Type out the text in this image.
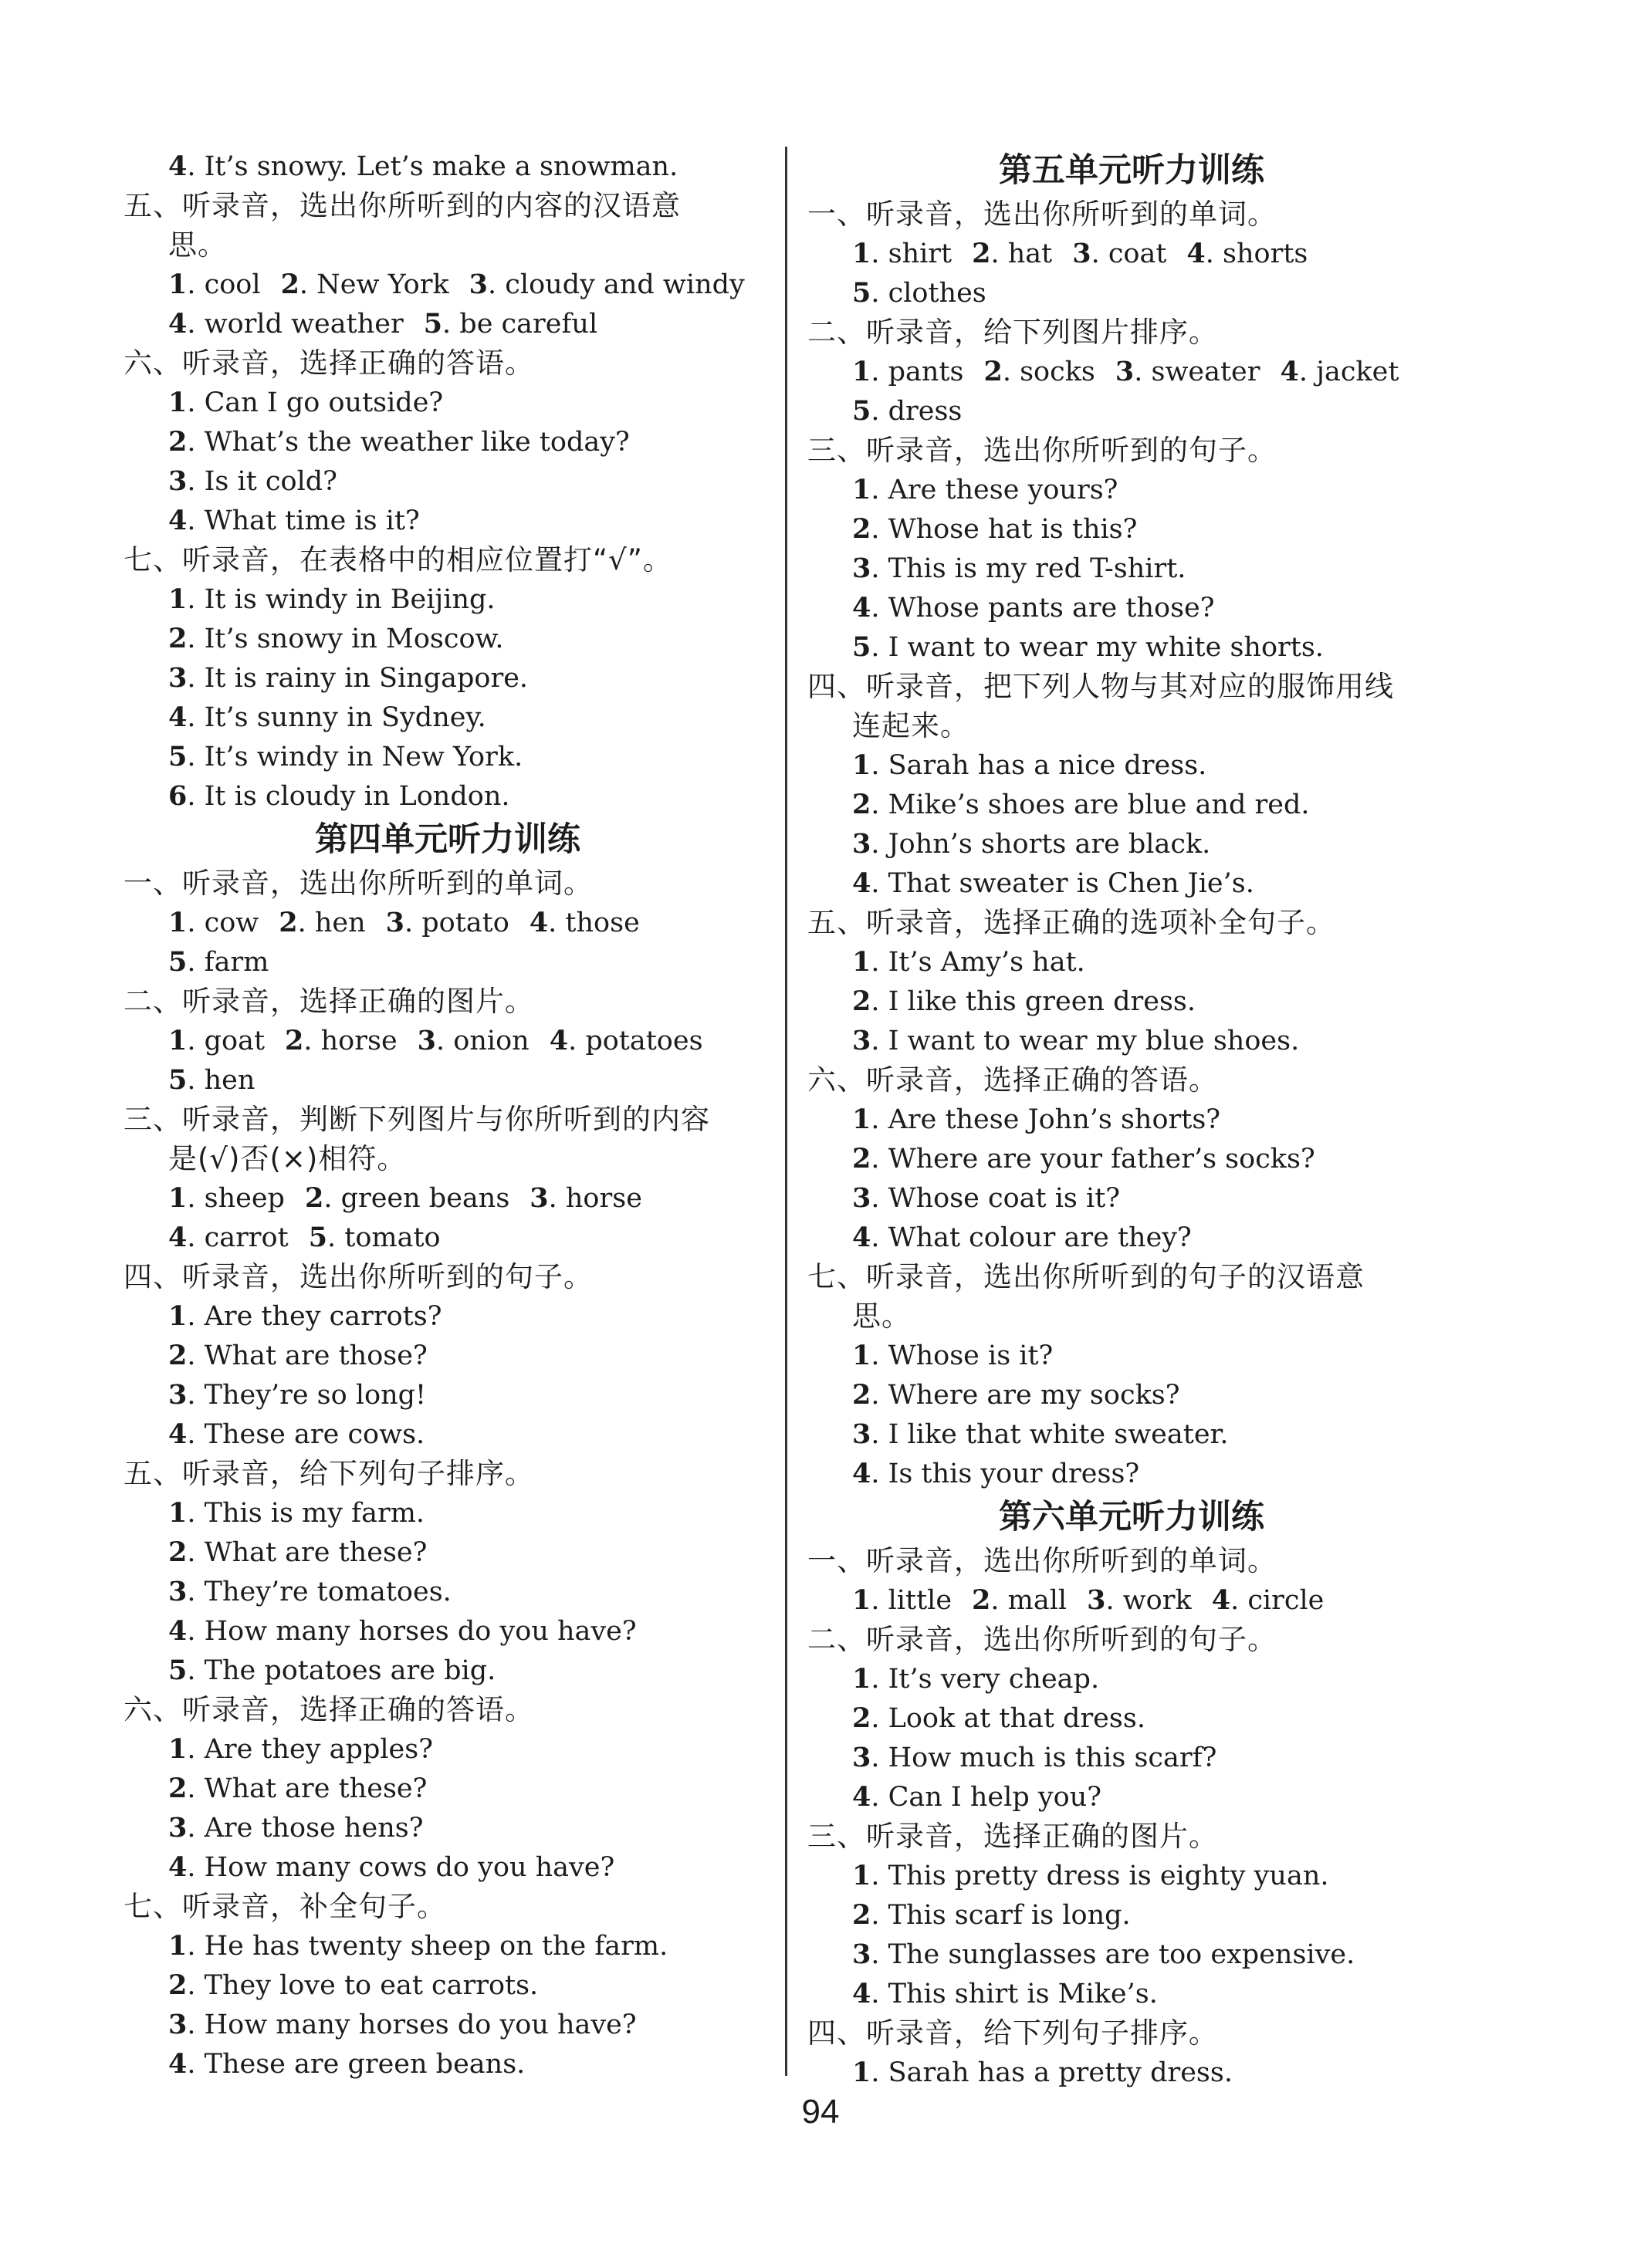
4. It’s snowy. Let’s make a snowman.
五、听录音，选出你所听到的内容的汉语意
思。
1. cool 2. New York 3. cloudy and windy
4. world weather 5. be careful
六、听录音，选择正确的答语。
1. Can I go outside?
2. What’s the weather like today?
3. Is it cold?
4. What time is it?
七、听录音，在表格中的相应位置打“√”。
1. It is windy in Beijing.
2. It’s snowy in Moscow.
3. It is rainy in Singapore.
4. It’s sunny in Sydney.
5. It’s windy in New York.
6. It is cloudy in London.
第四单元听力训练
一、听录音，选出你所听到的单词。
1. cow 2. hen 3. potato 4. those
5. farm
二、听录音，选择正确的图片。
1. goat 2. horse 3. onion 4. potatoes
5. hen
三、听录音，判断下列图片与你所听到的内容
是(√)否(×)相符。
1. sheep 2. green beans 3. horse
4. carrot 5. tomato
四、听录音，选出你所听到的句子。
1. Are they carrots?
2. What are those?
3. They’re so long!
4. These are cows.
五、听录音，给下列句子排序。
1. This is my farm.
2. What are these?
3. They’re tomatoes.
4. How many horses do you have?
5. The potatoes are big.
六、听录音，选择正确的答语。
1. Are they apples?
2. What are these?
3. Are those hens?
4. How many cows do you have?
七、听录音，补全句子。
1. He has twenty sheep on the farm.
2. They love to eat carrots.
3. How many horses do you have?
4. These are green beans.
第五单元听力训练
一、听录音，选出你所听到的单词。
1. shirt 2. hat 3. coat 4. shorts
5. clothes
二、听录音，给下列图片排序。
1. pants 2. socks 3. sweater 4. jacket
5. dress
三、听录音，选出你所听到的句子。
1. Are these yours?
2. Whose hat is this?
3. This is my red T-shirt.
4. Whose pants are those?
5. I want to wear my white shorts.
四、听录音，把下列人物与其对应的服饰用线
连起来。
1. Sarah has a nice dress.
2. Mike’s shoes are blue and red.
3. John’s shorts are black.
4. That sweater is Chen Jie’s.
五、听录音，选择正确的选项补全句子。
1. It’s Amy’s hat.
2. I like this green dress.
3. I want to wear my blue shoes.
六、听录音，选择正确的答语。
1. Are these John’s shorts?
2. Where are your father’s socks?
3. Whose coat is it?
4. What colour are they?
七、听录音，选出你所听到的句子的汉语意
思。
1. Whose is it?
2. Where are my socks?
3. I like that white sweater.
4. Is this your dress?
第六单元听力训练
一、听录音，选出你所听到的单词。
1. little 2. mall 3. work 4. circle
二、听录音，选出你所听到的句子。
1. It’s very cheap.
2. Look at that dress.
3. How much is this scarf?
4. Can I help you?
三、听录音，选择正确的图片。
1. This pretty dress is eighty yuan.
2. This scarf is long.
3. The sunglasses are too expensive.
4. This shirt is Mike’s.
四、听录音，给下列句子排序。
1. Sarah has a pretty dress.
94
